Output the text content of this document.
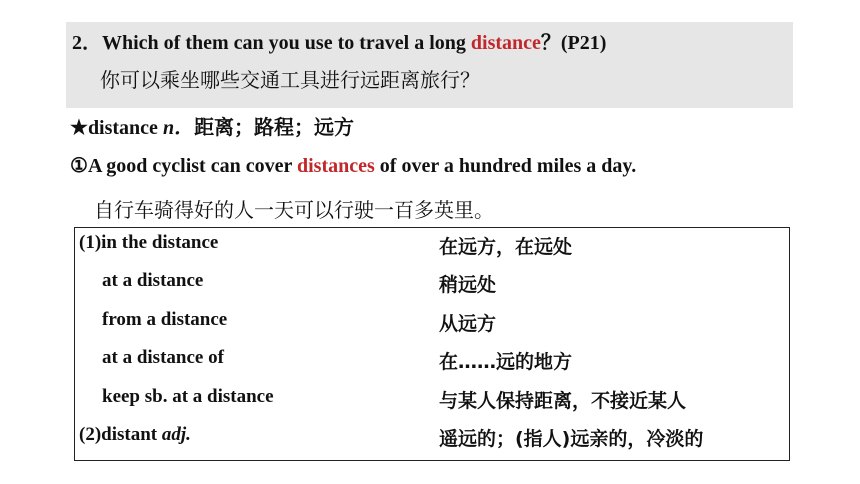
2．Which of them can you use to travel a long distance？(P21)
你可以乘坐哪些交通工具进行远距离旅行？
★distance n．距离；路程；远方
①A good cyclist can cover distances of over a hundred miles a day.
自行车骑得好的人一天可以行驶一百多英里。
(1)in the distance	在远方，在远处
at a distance	稍远处
from a distance	从远方
at a distance of	在……远的地方
keep sb. at a distance	与某人保持距离，不接近某人
(2)distant adj.	遥远的；(指人)远亲的，冷淡的
